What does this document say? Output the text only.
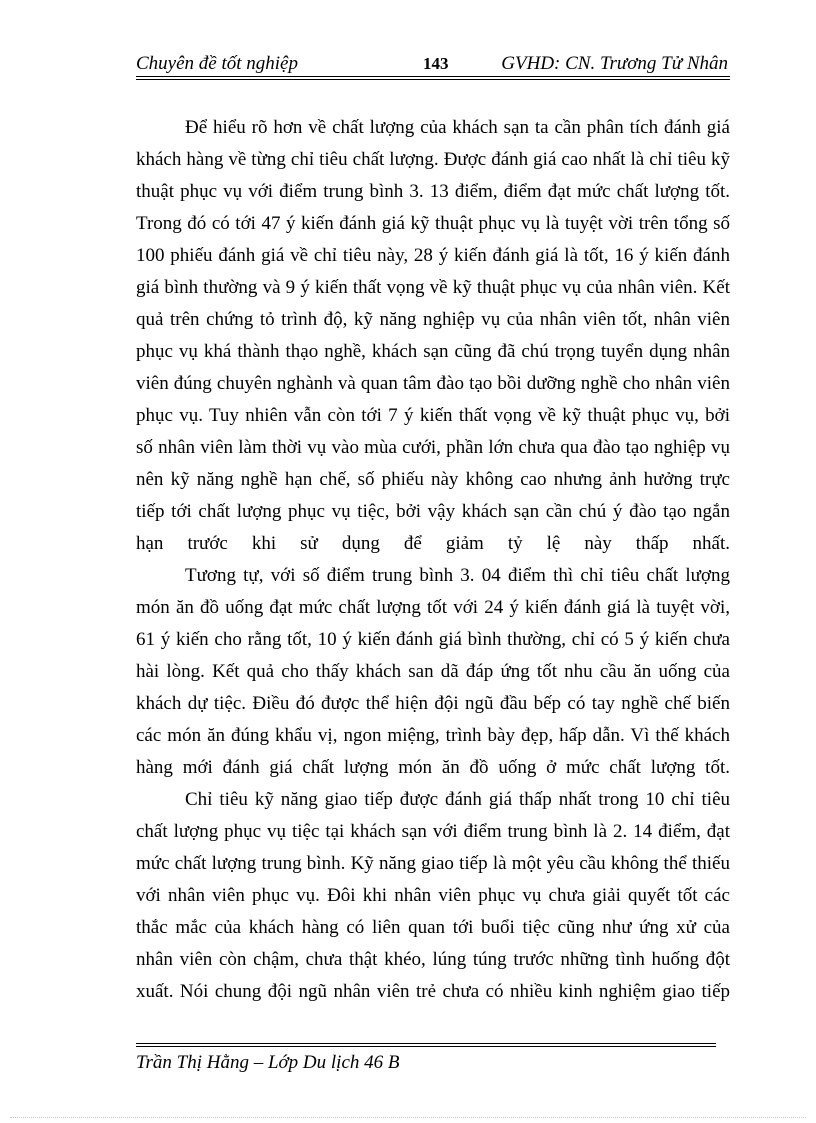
Chuyên đề tốt nghiệp	143	GVHD: CN. Trương Tử Nhân
Để hiểu rõ hơn về chất lượng của khách sạn ta cần phân tích đánh giá
khách hàng về từng chỉ tiêu chất lượng. Được đánh giá cao nhất là chỉ tiêu kỹ
thuật phục vụ với điểm trung bình 3. 13 điểm, điểm đạt mức chất lượng tốt.
Trong đó có tới 47 ý kiến đánh giá kỹ thuật phục vụ là tuyệt vời trên tổng số
100 phiếu đánh giá về chỉ tiêu này, 28 ý kiến đánh giá là tốt, 16 ý kiến đánh
giá bình thường và 9 ý kiến thất vọng về kỹ thuật phục vụ của nhân viên. Kết
quả trên chứng tỏ trình độ, kỹ năng nghiệp vụ của nhân viên tốt, nhân viên
phục vụ khá thành thạo nghề, khách sạn cũng đã chú trọng tuyển dụng nhân
viên đúng chuyên nghành và quan tâm đào tạo bồi dưỡng nghề cho nhân viên
phục vụ. Tuy nhiên vẫn còn tới 7 ý kiến thất vọng về kỹ thuật phục vụ, bởi
số nhân viên làm thời vụ vào mùa cưới, phần lớn chưa qua đào tạo nghiệp vụ
nên kỹ năng nghề hạn chế, số phiếu này không cao nhưng ảnh hưởng trực
tiếp tới chất lượng phục vụ tiệc, bởi vậy khách sạn cần chú ý đào tạo ngắn
hạn trước khi sử dụng để giảm tỷ lệ này thấp nhất.
Tương tự, với số điểm trung bình 3. 04 điểm thì chỉ tiêu chất lượng
món ăn đồ uống đạt mức chất lượng tốt với 24 ý kiến đánh giá là tuyệt vời,
61 ý kiến cho rằng tốt, 10 ý kiến đánh giá bình thường, chỉ có 5 ý kiến chưa
hài lòng. Kết quả cho thấy khách san dã đáp ứng tốt nhu cầu ăn uống của
khách dự tiệc. Điều đó được thể hiện đội ngũ đầu bếp có tay nghề chế biến
các món ăn đúng khẩu vị, ngon miệng, trình bày đẹp, hấp dẫn. Vì thế khách
hàng mới đánh giá chất lượng món ăn đồ uống ở mức chất lượng tốt.
Chỉ tiêu kỹ năng giao tiếp được đánh giá thấp nhất trong 10 chỉ tiêu
chất lượng phục vụ tiệc tại khách sạn với điểm trung bình là 2. 14 điểm, đạt
mức chất lượng trung bình. Kỹ năng giao tiếp là một yêu cầu không thể thiếu
với nhân viên phục vụ. Đôi khi nhân viên phục vụ chưa giải quyết tốt các
thắc mắc của khách hàng có liên quan tới buổi tiệc cũng như ứng xử của
nhân viên còn chậm, chưa thật khéo, lúng túng trước những tình huống đột
xuất. Nói chung đội ngũ nhân viên trẻ chưa có nhiều kinh nghiệm giao tiếp
Trần Thị Hằng – Lớp Du lịch 46 B
